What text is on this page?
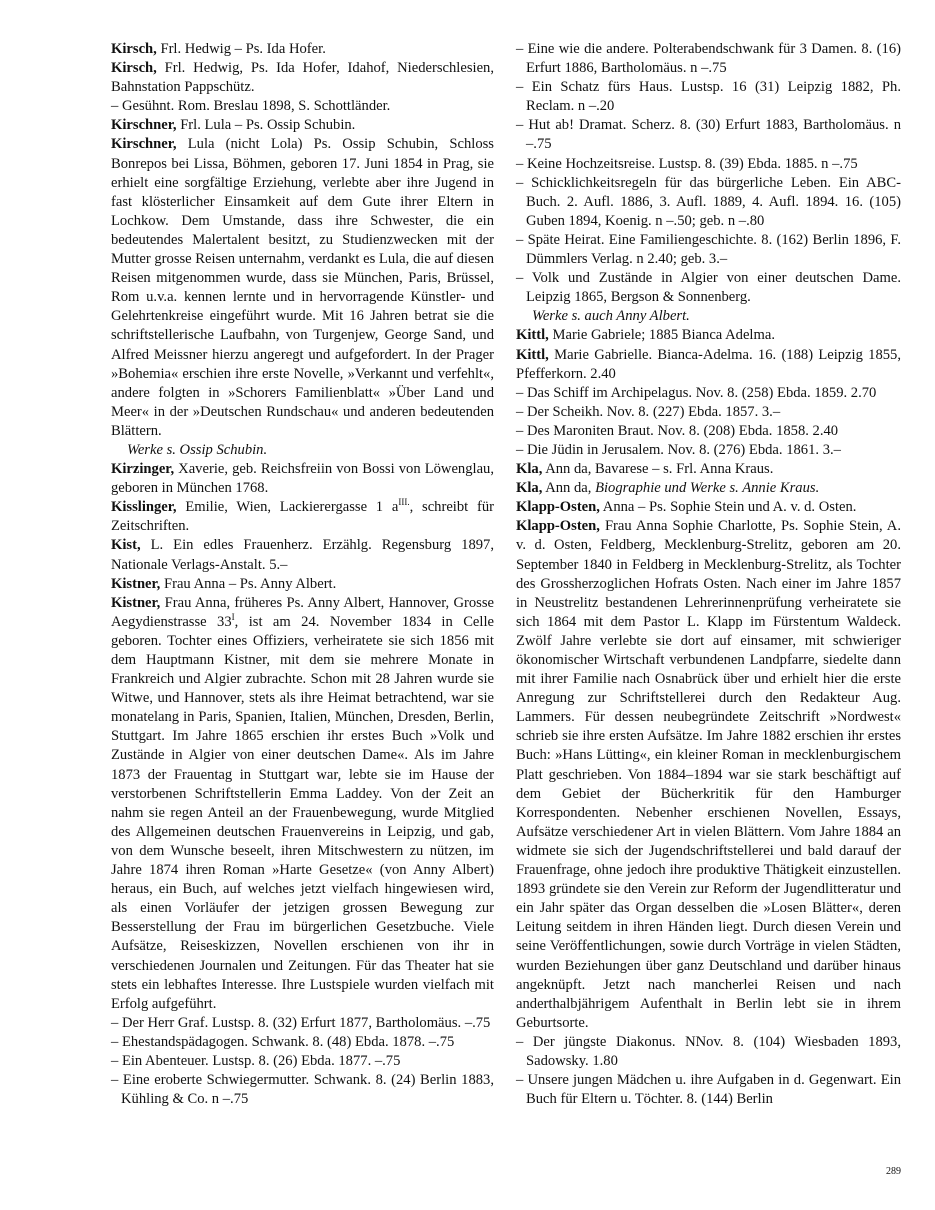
Kirsch, Frl. Hedwig – Ps. Ida Hofer.

Kirsch, Frl. Hedwig, Ps. Ida Hofer, Idahof, Niederschlesien, Bahnstation Pappschütz.

– Gesühnt. Rom. Breslau 1898, S. Schottländer.

Kirschner, Frl. Lula – Ps. Ossip Schubin.

Kirschner, Lula (nicht Lola) Ps. Ossip Schubin, Schloss Bonrepos bei Lissa, Böhmen, geboren 17. Juni 1854 in Prag, sie erhielt eine sorgfältige Erziehung, verlebte aber ihre Jugend in fast klösterlicher Einsamkeit auf dem Gute ihrer Eltern in Lochkow. Dem Umstande, dass ihre Schwester, die ein bedeutendes Malertalent besitzt, zu Studienzwecken mit der Mutter grosse Reisen unternahm, verdankt es Lula, die auf diesen Reisen mitgenommen wurde, dass sie München, Paris, Brüssel, Rom u.v.a. kennen lernte und in hervorragende Künstler- und Gelehrtenkreise eingeführt wurde. Mit 16 Jahren betrat sie die schriftstellerische Laufbahn, von Turgenjew, George Sand, und Alfred Meissner hierzu angeregt und aufgefordert. In der Prager »Bohemia« erschien ihre erste Novelle, »Verkannt und verfehlt«, andere folgten in »Schorers Familienblatt« »Über Land und Meer« in der »Deutschen Rundschau« und anderen bedeutenden Blättern.

Werke s. Ossip Schubin.

Kirzinger, Xaverie, geb. Reichsfreiin von Bossi von Löwenglau, geboren in München 1768.

Kisslinger, Emilie, Wien, Lackierergasse 1 $a^{III.}$, schreibt für Zeitschriften.

Kist, L. Ein edles Frauenherz. Erzählg. Regensburg 1897, Nationale Verlags-Anstalt. 5.–

Kistner, Frau Anna – Ps. Anny Albert.

Kistner, Frau Anna, früheres Ps. Anny Albert, Hannover, Grosse Aegydienstrasse $33^I$, ist am 24. November 1834 in Celle geboren. Tochter eines Offiziers, verheiratete sie sich 1856 mit dem Hauptmann Kistner, mit dem sie mehrere Monate in Frankreich und Algier zubrachte. Schon mit 28 Jahren wurde sie Witwe, und Hannover, stets als ihre Heimat betrachtend, war sie monatelang in Paris, Spanien, Italien, München, Dresden, Berlin, Stuttgart. Im Jahre 1865 erschien ihr erstes Buch »Volk und Zustände in Algier von einer deutschen Dame«. Als im Jahre 1873 der Frauentag in Stuttgart war, lebte sie im Hause der verstorbenen Schriftstellerin Emma Laddey. Von der Zeit an nahm sie regen Anteil an der Frauenbewegung, wurde Mitglied des Allgemeinen deutschen Frauenvereins in Leipzig, und gab, von dem Wunsche beseelt, ihren Mitschwestern zu nützen, im Jahre 1874 ihren Roman »Harte Gesetze« (von Anny Albert) heraus, ein Buch, auf welches jetzt vielfach hingewiesen wird, als einen Vorläufer der jetzigen grossen Bewegung zur Besserstellung der Frau im bürgerlichen Gesetzbuche. Viele Aufsätze, Reiseskizzen, Novellen erschienen von ihr in verschiedenen Journalen und Zeitungen. Für das Theater hat sie stets ein lebhaftes Interesse. Ihre Lustspiele wurden vielfach mit Erfolg aufgeführt.

– Der Herr Graf. Lustsp. 8. (32) Erfurt 1877, Bartholomäus. –.75

– Ehestandspädagogen. Schwank. 8. (48) Ebda. 1878. –.75

– Ein Abenteuer. Lustsp. 8. (26) Ebda. 1877. –.75

– Eine eroberte Schwiegermutter. Schwank. 8. (24) Berlin 1883, Kühling & Co. n –.75

– Eine wie die andere. Polterabendschwank für 3 Damen. 8. (16) Erfurt 1886, Bartholomäus. n –.75

– Ein Schatz fürs Haus. Lustsp. 16 (31) Leipzig 1882, Ph. Reclam. n –.20

– Hut ab! Dramat. Scherz. 8. (30) Erfurt 1883, Bartholomäus. n –.75

– Keine Hochzeitsreise. Lustsp. 8. (39) Ebda. 1885. n –.75

– Schicklichkeitsregeln für das bürgerliche Leben. Ein ABC-Buch. 2. Aufl. 1886, 3. Aufl. 1889, 4. Aufl. 1894. 16. (105) Guben 1894, Koenig. n –.50; geb. n –.80

– Späte Heirat. Eine Familiengeschichte. 8. (162) Berlin 1896, F. Dümmlers Verlag. n 2.40; geb. 3.–

– Volk und Zustände in Algier von einer deutschen Dame. Leipzig 1865, Bergson & Sonnenberg.

Werke s. auch Anny Albert.

Kittl, Marie Gabriele; 1885 Bianca Adelma.

Kittl, Marie Gabrielle. Bianca-Adelma. 16. (188) Leipzig 1855, Pfefferkorn. 2.40

– Das Schiff im Archipelagus. Nov. 8. (258) Ebda. 1859. 2.70

– Der Scheikh. Nov. 8. (227) Ebda. 1857. 3.–

– Des Maroniten Braut. Nov. 8. (208) Ebda. 1858. 2.40

– Die Jüdin in Jerusalem. Nov. 8. (276) Ebda. 1861. 3.–

Kla, Ann da, Bavarese – s. Frl. Anna Kraus.

Kla, Ann da, Biographie und Werke s. Annie Kraus.

Klapp-Osten, Anna – Ps. Sophie Stein und A. v. d. Osten.

Klapp-Osten, Frau Anna Sophie Charlotte, Ps. Sophie Stein, A. v. d. Osten, Feldberg, Mecklenburg-Strelitz, geboren am 20. September 1840 in Feldberg in Mecklenburg-Strelitz, als Tochter des Grossherzoglichen Hofrats Osten. Nach einer im Jahre 1857 in Neustrelitz bestandenen Lehrerinnenprüfung verheiratete sie sich 1864 mit dem Pastor L. Klapp im Fürstentum Waldeck. Zwölf Jahre verlebte sie dort auf einsamer, mit schwieriger ökonomischer Wirtschaft verbundenen Landpfarre, siedelte dann mit ihrer Familie nach Osnabrück über und erhielt hier die erste Anregung zur Schriftstellerei durch den Redakteur Aug. Lammers. Für dessen neubegründete Zeitschrift »Nordwest« schrieb sie ihre ersten Aufsätze. Im Jahre 1882 erschien ihr erstes Buch: »Hans Lütting«, ein kleiner Roman in mecklenburgischem Platt geschrieben. Von 1884–1894 war sie stark beschäftigt auf dem Gebiet der Bücherkritik für den Hamburger Korrespondenten. Nebenher erschienen Novellen, Essays, Aufsätze verschiedener Art in vielen Blättern. Vom Jahre 1884 an widmete sie sich der Jugendschriftstellerei und bald darauf der Frauenfrage, ohne jedoch ihre produktive Thätigkeit einzustellen. 1893 gründete sie den Verein zur Reform der Jugendlitteratur und ein Jahr später das Organ desselben die »Losen Blätter«, deren Leitung seitdem in ihren Händen liegt. Durch diesen Verein und seine Veröffentlichungen, sowie durch Vorträge in vielen Städten, wurden Beziehungen über ganz Deutschland und darüber hinaus angeknüpft. Jetzt nach mancherlei Reisen und nach anderthalbjährigem Aufenthalt in Berlin lebt sie in ihrem Geburtsorte.

– Der jüngste Diakonus. NNov. 8. (104) Wiesbaden 1893, Sadowsky. 1.80

– Unsere jungen Mädchen u. ihre Aufgaben in d. Gegenwart. Ein Buch für Eltern u. Töchter. 8. (144) Berlin

289
